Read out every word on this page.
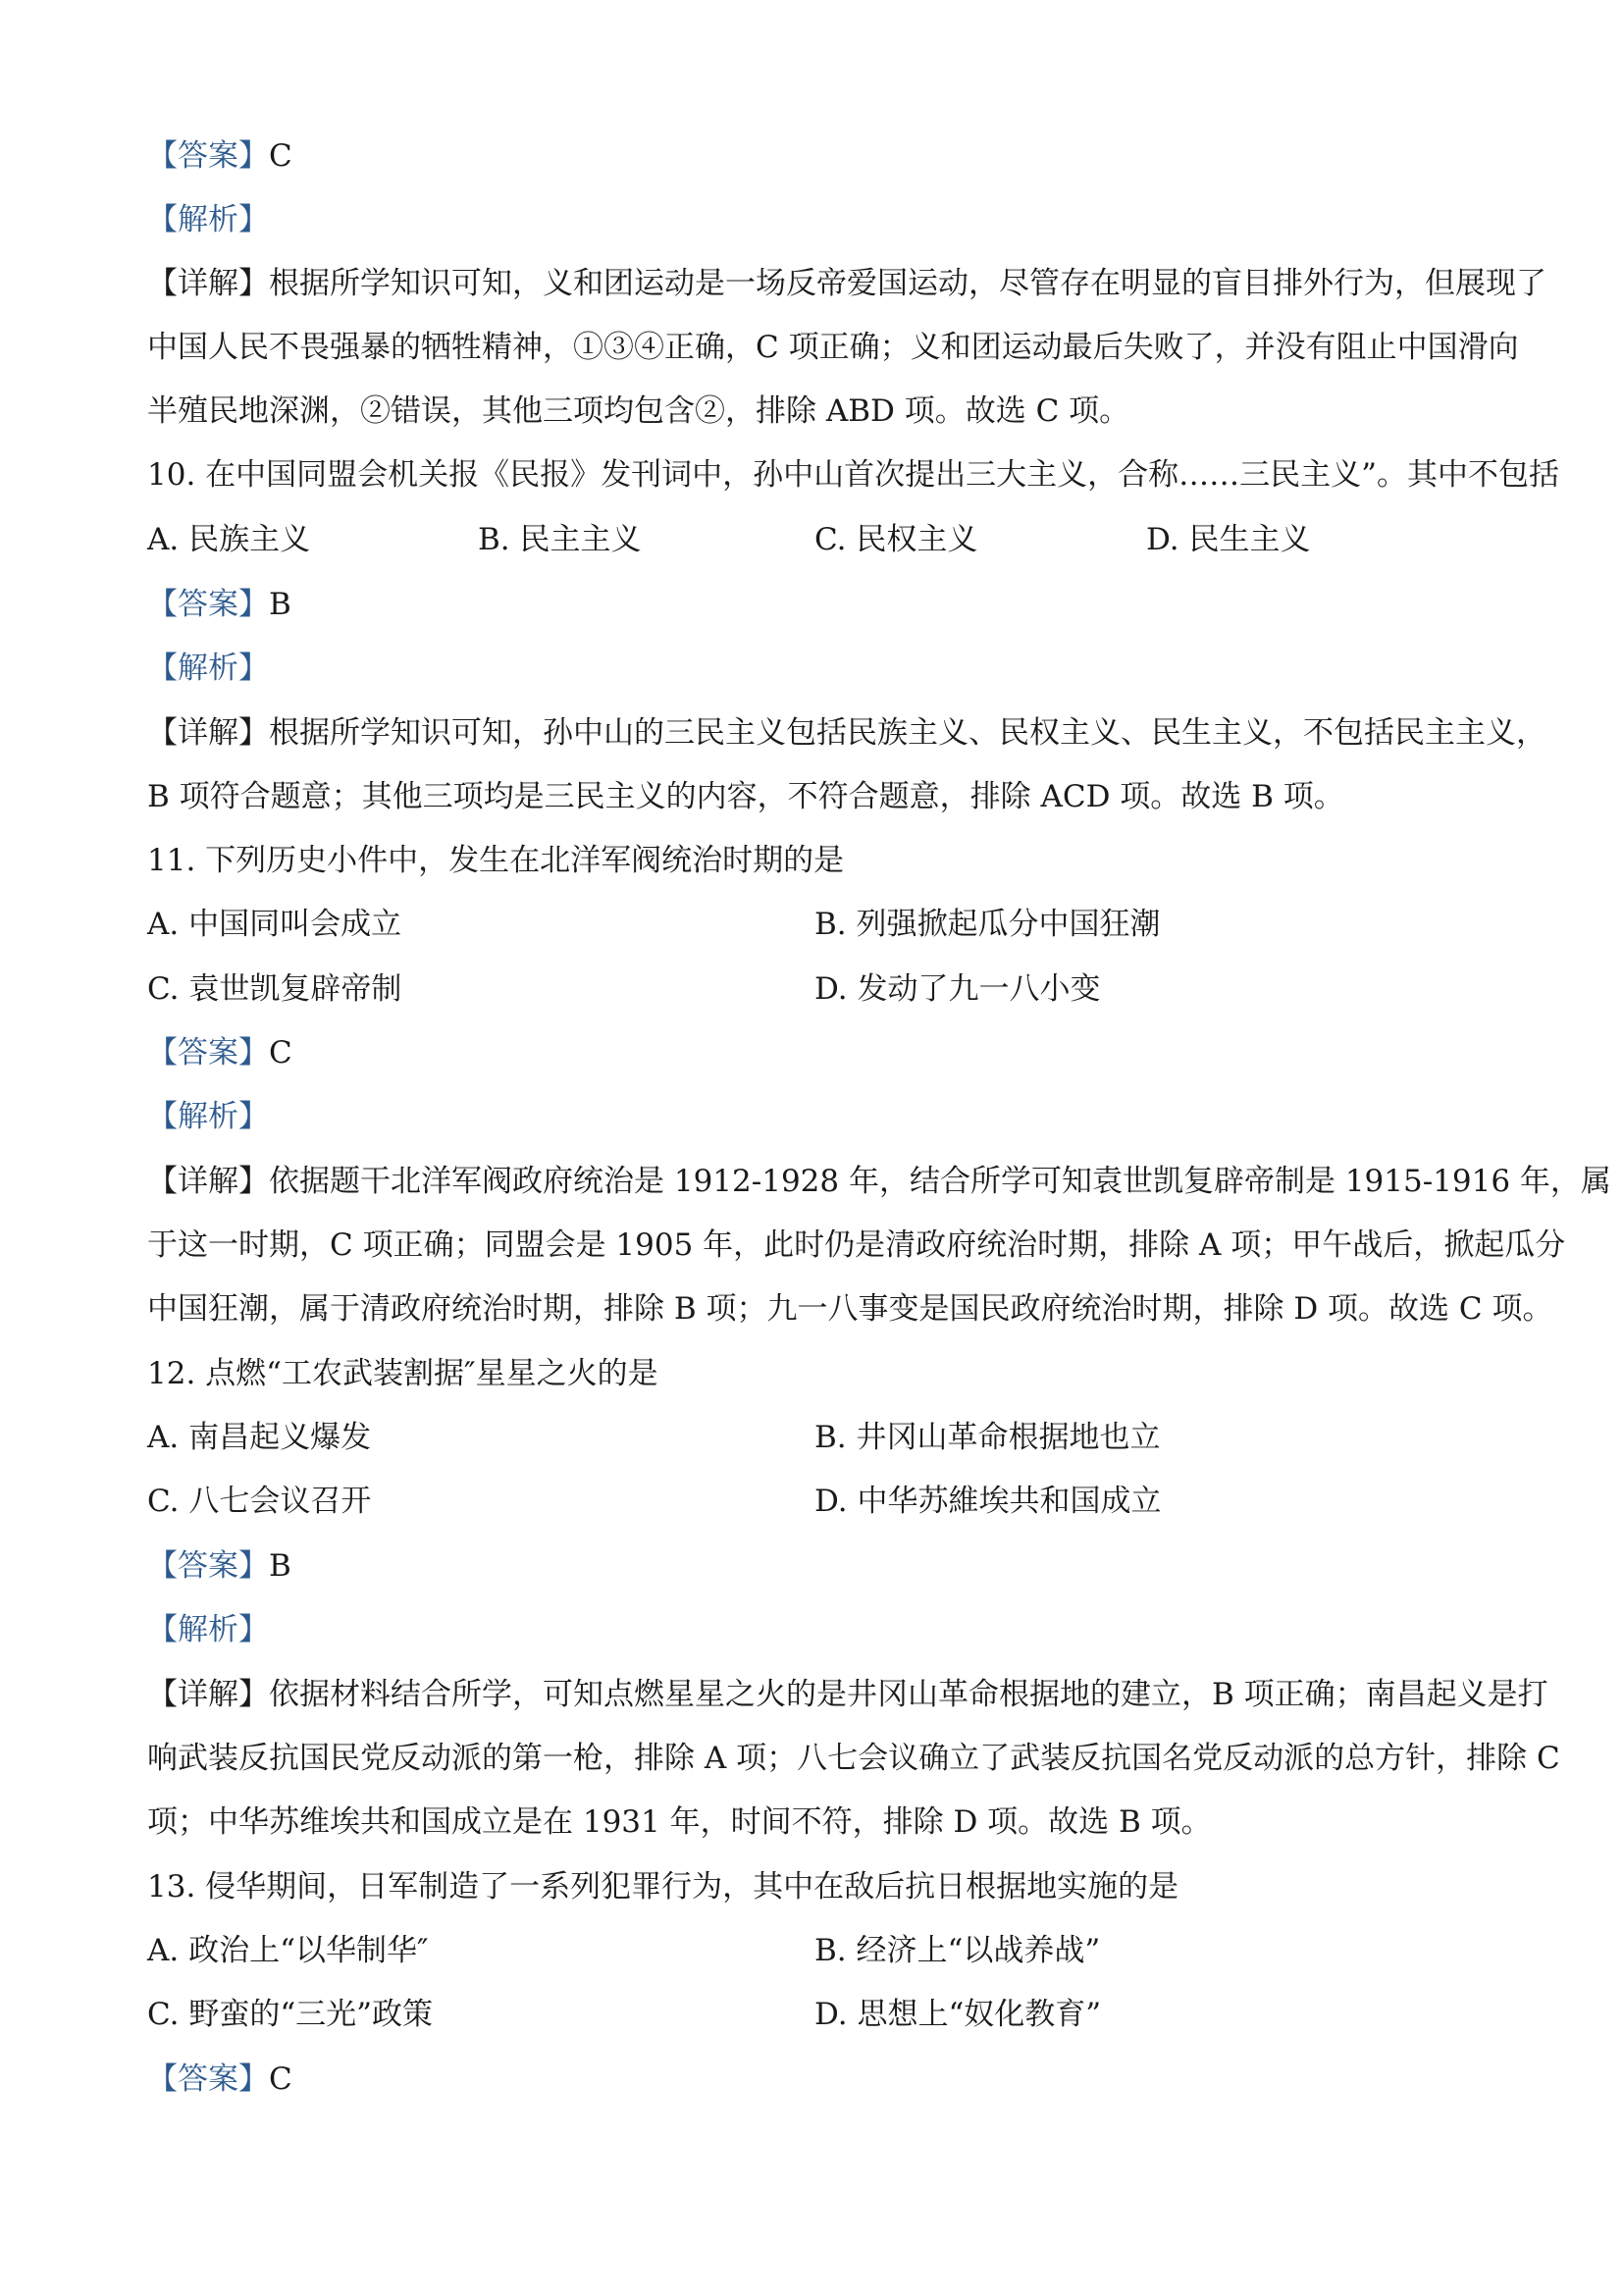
【答案】C
【解析】
【详解】根据所学知识可知，义和团运动是一场反帝爱国运动，尽管存在明显的盲目排外行为，但展现了
中国人民不畏强暴的牺牲精神，①③④正确，C 项正确；义和团运动最后失败了，并没有阻止中国滑向
半殖民地深渊，②错误，其他三项均包含②，排除 ABD 项。故选 C 项。
10. 在中国同盟会机关报《民报》发刊词中，孙中山首次提出三大主义，合称……三民主义”。其中不包括
A. 民族主义	B. 民主主义	C. 民权主义	D. 民生主义
【答案】B
【解析】
【详解】根据所学知识可知，孙中山的三民主义包括民族主义、民权主义、民生主义，不包括民主主义，
B 项符合题意；其他三项均是三民主义的内容，不符合题意，排除 ACD 项。故选 B 项。
11. 下列历史小件中，发生在北洋军阀统治时期的是
A. 中国同叫会成立	B. 列强掀起瓜分中国狂潮
C. 袁世凯复辟帝制	D. 发动了九一八小变
【答案】C
【解析】
【详解】依据题干北洋军阀政府统治是 1912-1928 年，结合所学可知袁世凯复辟帝制是 1915-1916 年，属
于这一时期，C 项正确；同盟会是 1905 年，此时仍是清政府统治时期，排除 A 项；甲午战后，掀起瓜分
中国狂潮，属于清政府统治时期，排除 B 项；九一八事变是国民政府统治时期，排除 D 项。故选 C 项。
12. 点燃“工农武装割据″星星之火的是
A. 南昌起义爆发	B. 井冈山革命根据地也立
C. 八七会议召开	D. 中华苏維埃共和国成立
【答案】B
【解析】
【详解】依据材料结合所学，可知点燃星星之火的是井冈山革命根据地的建立，B 项正确；南昌起义是打
响武装反抗国民党反动派的第一枪，排除 A 项；八七会议确立了武装反抗国名党反动派的总方针，排除 C
项；中华苏维埃共和国成立是在 1931 年，时间不符，排除 D 项。故选 B 项。
13. 侵华期间，日军制造了一系列犯罪行为，其中在敌后抗日根据地实施的是
A. 政治上“以华制华″	B. 经济上“以战养战”
C. 野蛮的“三光”政策	D. 思想上“奴化教育”
【答案】C
